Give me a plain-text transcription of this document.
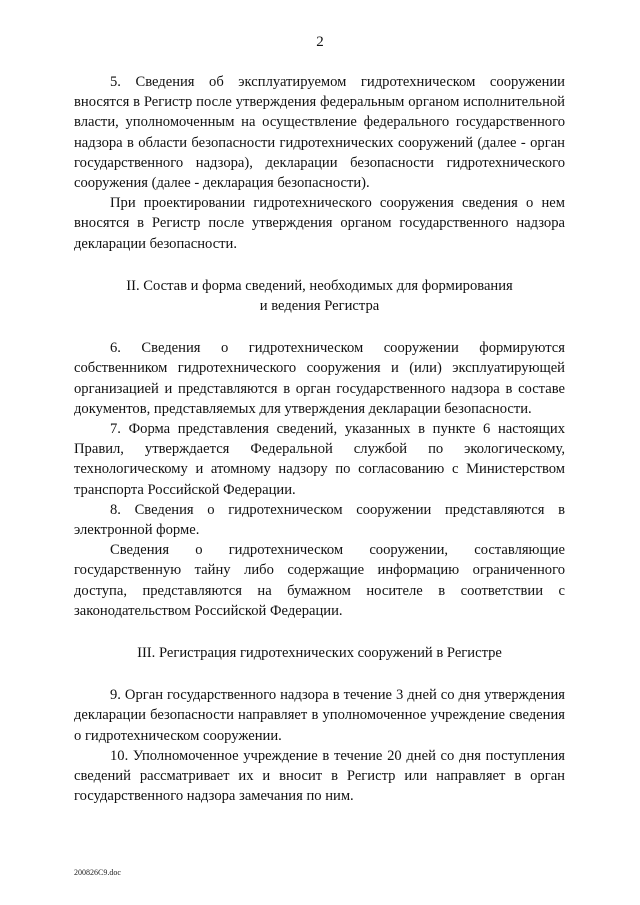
2

5. Сведения об эксплуатируемом гидротехническом сооружении вносятся в Регистр после утверждения федеральным органом исполнительной власти, уполномоченным на осуществление федерального государственного надзора в области безопасности гидротехнических сооружений (далее - орган государственного надзора), декларации безопасности гидротехнического сооружения (далее - декларация безопасности).

При проектировании гидротехнического сооружения сведения о нем вносятся в Регистр после утверждения органом государственного надзора декларации безопасности.

II. Состав и форма сведений, необходимых для формирования

и ведения Регистра

6. Сведения о гидротехническом сооружении формируются собственником гидротехнического сооружения и (или) эксплуатирующей организацией и представляются в орган государственного надзора в составе документов, представляемых для утверждения декларации безопасности.

7. Форма представления сведений, указанных в пункте 6 настоящих Правил, утверждается Федеральной службой по экологическому, технологическому и атомному надзору по согласованию с Министерством транспорта Российской Федерации.

8. Сведения о гидротехническом сооружении представляются в электронной форме.

Сведения о гидротехническом сооружении, составляющие государственную тайну либо содержащие информацию ограниченного доступа, представляются на бумажном носителе в соответствии с законодательством Российской Федерации.

III. Регистрация гидротехнических сооружений в Регистре

9. Орган государственного надзора в течение 3 дней со дня утверждения декларации безопасности направляет в уполномоченное учреждение сведения о гидротехническом сооружении.

10. Уполномоченное учреждение в течение 20 дней со дня поступления сведений рассматривает их и вносит в Регистр или направляет в орган государственного надзора замечания по ним.

200826C9.doc
